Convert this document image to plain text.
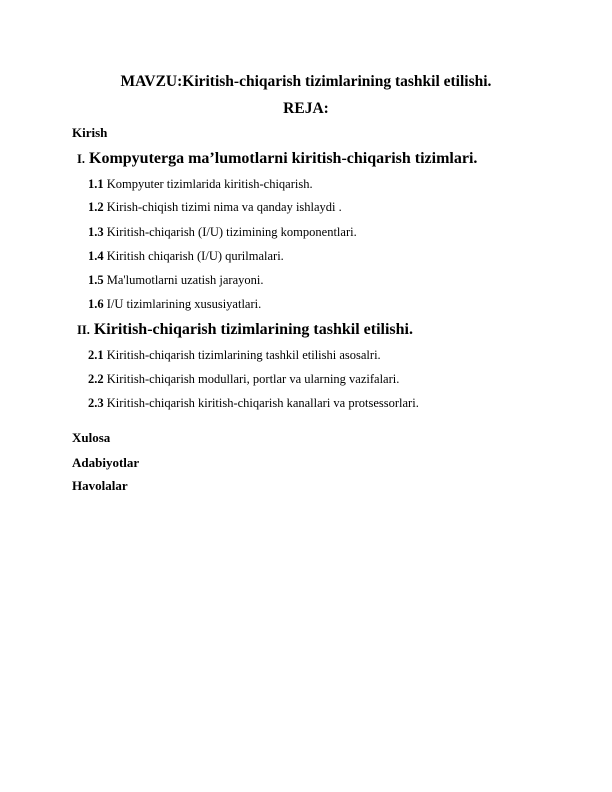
MAVZU:Kiritish-chiqarish tizimlarining tashkil etilishi.
REJA:
Kirish
I. Kompyuterga ma’lumotlarni kiritish-chiqarish tizimlari.
1.1 Kompyuter tizimlarida kiritish-chiqarish.
1.2 Kirish-chiqish tizimi nima va qanday ishlaydi .
1.3 Kiritish-chiqarish (I/U) tizimining komponentlari.
1.4 Kiritish chiqarish (I/U) qurilmalari.
1.5 Ma'lumotlarni uzatish jarayoni.
1.6 I/U tizimlarining xususiyatlari.
II. Kiritish-chiqarish tizimlarining tashkil etilishi.
2.1 Kiritish-chiqarish tizimlarining tashkil etilishi asosalri.
2.2 Kiritish-chiqarish modullari, portlar va ularning vazifalari.
2.3 Kiritish-chiqarish kiritish-chiqarish kanallari va protsessorlari.
Xulosa
Adabiyotlar
Havolalar
